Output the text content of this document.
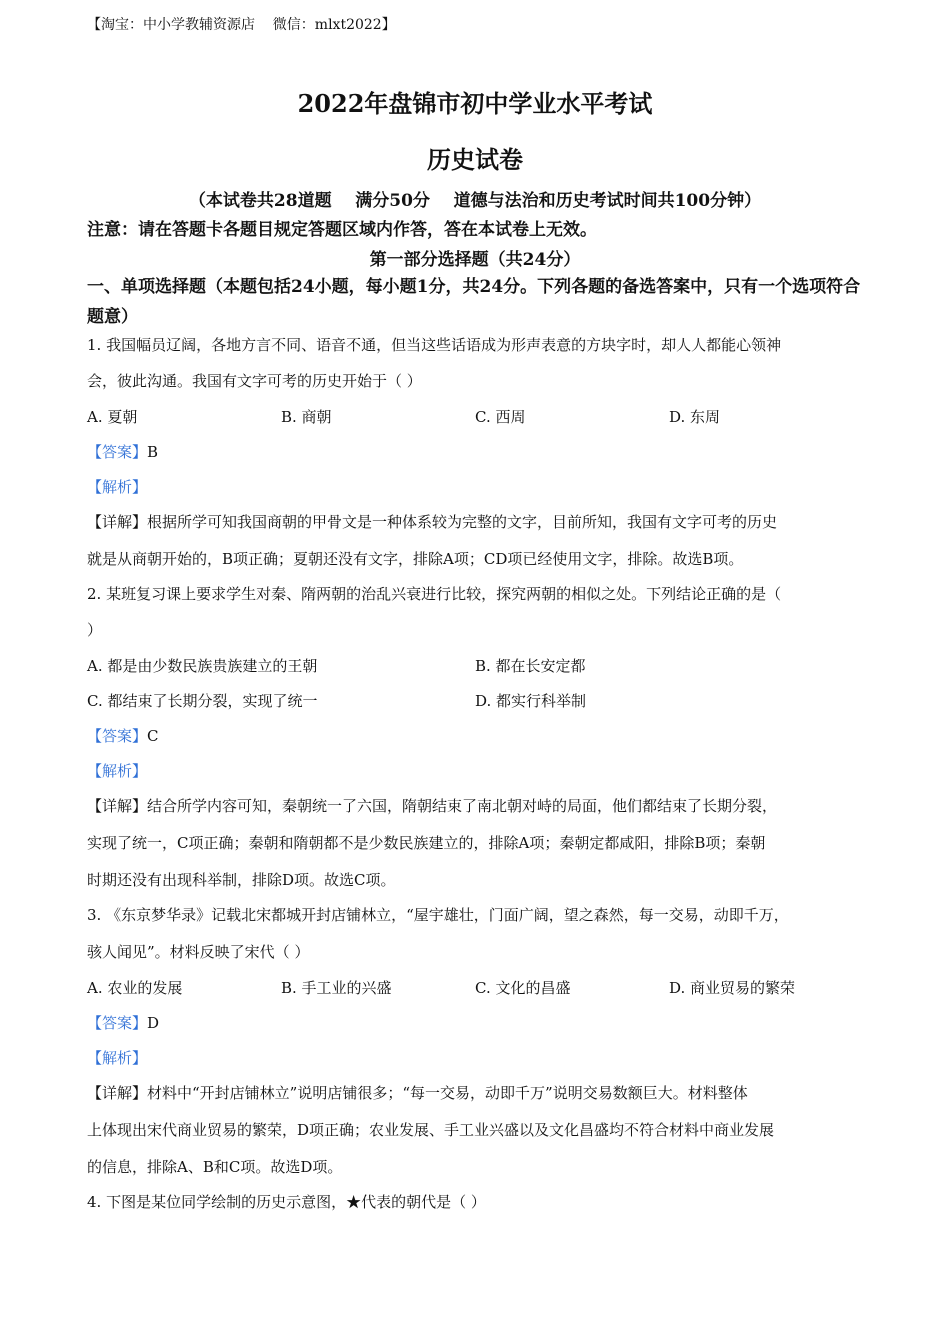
【淘宝：中小学教辅资源店    微信：mlxt2022】
2022年盘锦市初中学业水平考试
历史试卷
（本试卷共28道题    满分50分    道德与法治和历史考试时间共100分钟）
注意：请在答题卡各题目规定答题区域内作答，答在本试卷上无效。
第一部分选择题（共24分）
一、单项选择题（本题包括24小题，每小题1分，共24分。下列各题的备选答案中，只有一个选项符合题意）
1. 我国幅员辽阔，各地方言不同、语音不通，但当这些话语成为形声表意的方块字时，却人人都能心领神
会，彼此沟通。我国有文字可考的历史开始于（ ）
A. 夏朝	B. 商朝	C. 西周	D. 东周
【答案】B
【解析】
【详解】根据所学可知我国商朝的甲骨文是一种体系较为完整的文字，目前所知，我国有文字可考的历史
就是从商朝开始的，B项正确；夏朝还没有文字，排除A项；CD项已经使用文字，排除。故选B项。
2. 某班复习课上要求学生对秦、隋两朝的治乱兴衰进行比较，探究两朝的相似之处。下列结论正确的是（
）
A. 都是由少数民族贵族建立的王朝	B. 都在长安定都
C. 都结束了长期分裂，实现了统一	D. 都实行科举制
【答案】C
【解析】
【详解】结合所学内容可知，秦朝统一了六国，隋朝结束了南北朝对峙的局面，他们都结束了长期分裂，
实现了统一，C项正确；秦朝和隋朝都不是少数民族建立的，排除A项；秦朝定都咸阳，排除B项；秦朝
时期还没有出现科举制，排除D项。故选C项。
3. 《东京梦华录》记载北宋都城开封店铺林立，“屋宇雄壮，门面广阔，望之森然，每一交易，动即千万，
骇人闻见”。材料反映了宋代（ ）
A. 农业的发展	B. 手工业的兴盛	C. 文化的昌盛	D. 商业贸易的繁荣
【答案】D
【解析】
【详解】材料中“开封店铺林立”说明店铺很多；“每一交易，动即千万”说明交易数额巨大。材料整体
上体现出宋代商业贸易的繁荣，D项正确；农业发展、手工业兴盛以及文化昌盛均不符合材料中商业发展
的信息，排除A、B和C项。故选D项。
4. 下图是某位同学绘制的历史示意图，★代表的朝代是（ ）
